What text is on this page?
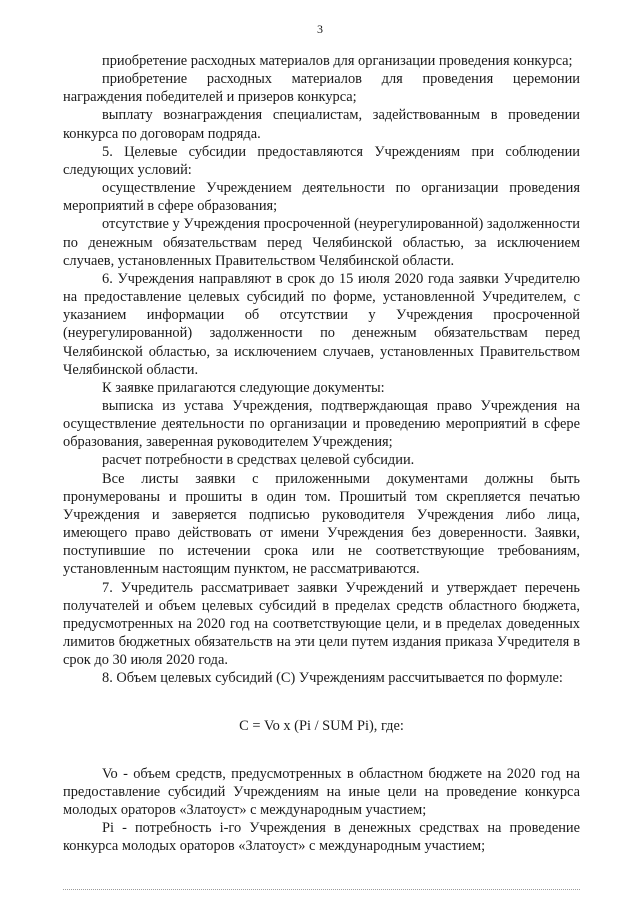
3

приобретение расходных материалов для организации проведения конкурса;

приобретение расходных материалов для проведения церемонии награждения победителей и призеров конкурса;

выплату вознаграждения специалистам, задействованным в проведении конкурса по договорам подряда.

5. Целевые субсидии предоставляются Учреждениям при соблюдении следующих условий:

осуществление Учреждением деятельности по организации проведения мероприятий в сфере образования;

отсутствие у Учреждения просроченной (неурегулированной) задолженности по денежным обязательствам перед Челябинской областью, за исключением случаев, установленных Правительством Челябинской области.

6. Учреждения направляют в срок до 15 июля 2020 года заявки Учредителю на предоставление целевых субсидий по форме, установленной Учредителем, с указанием информации об отсутствии у Учреждения просроченной (неурегулированной) задолженности по денежным обязательствам перед Челябинской областью, за исключением случаев, установленных Правительством Челябинской области.

К заявке прилагаются следующие документы:

выписка из устава Учреждения, подтверждающая право Учреждения на осуществление деятельности по организации и проведению мероприятий в сфере образования, заверенная руководителем Учреждения;

расчет потребности в средствах целевой субсидии.

Все листы заявки с приложенными документами должны быть пронумерованы и прошиты в один том. Прошитый том скрепляется печатью Учреждения и заверяется подписью руководителя Учреждения либо лица, имеющего право действовать от имени Учреждения без доверенности. Заявки, поступившие по истечении срока или не соответствующие требованиям, установленным настоящим пунктом, не рассматриваются.

7. Учредитель рассматривает заявки Учреждений и утверждает перечень получателей и объем целевых субсидий в пределах средств областного бюджета, предусмотренных на 2020 год на соответствующие цели, и в пределах доведенных лимитов бюджетных обязательств на эти цели путем издания приказа Учредителя в срок до 30 июля 2020 года.

8. Объем целевых субсидий (С) Учреждениям рассчитывается по формуле:

С = Vo x (Pi / SUM Pi), где:

Vo - объем средств, предусмотренных в областном бюджете на 2020 год на предоставление субсидий Учреждениям на иные цели на проведение конкурса молодых ораторов «Златоуст» с международным участием;

Pi - потребность i-го Учреждения в денежных средствах на проведение конкурса молодых ораторов «Златоуст» с международным участием;
